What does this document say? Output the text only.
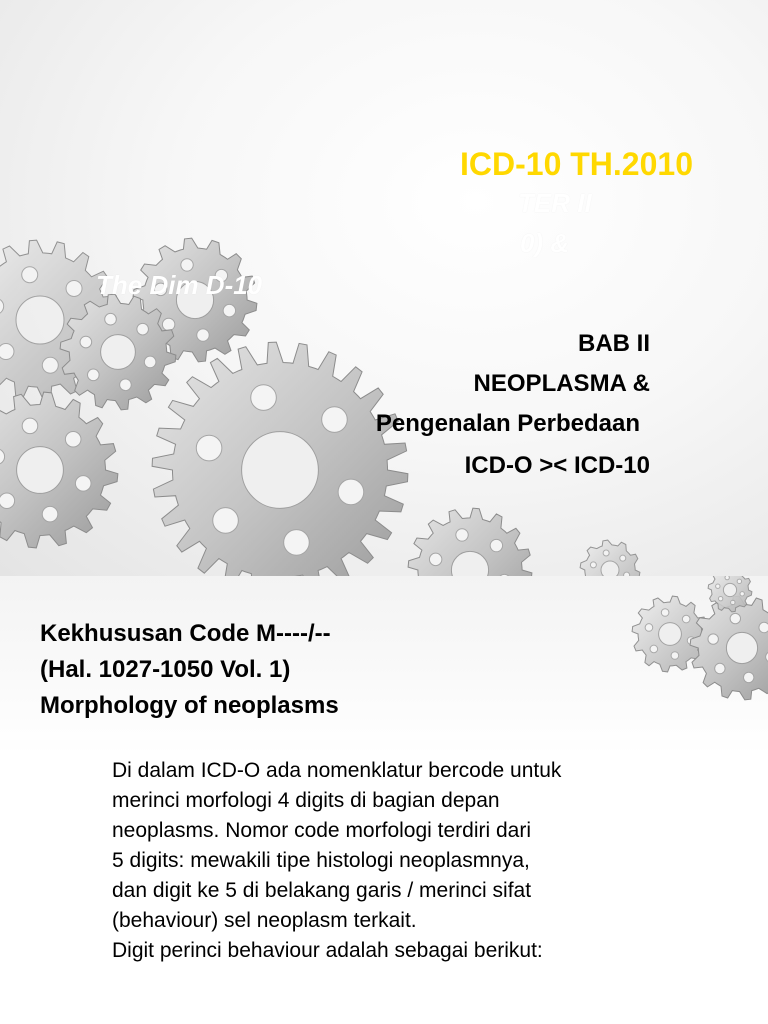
ICD-10 TH.2010
TER II
0) &
The Dim D-10

BAB II

NEOPLASMA &

Pengenalan Perbedaan

ICD-O >< ICD-10

Kekhususan Code M----/--
(Hal. 1027-1050 Vol. 1)
Morphology of neoplasms
Di dalam ICD-O ada nomenklatur bercode untuk
merinci morfologi 4 digits di bagian depan
neoplasms. Nomor code morfologi terdiri dari
5 digits: mewakili tipe histologi neoplasmnya,
dan digit ke 5 di belakang garis / merinci sifat
(behaviour) sel neoplasm terkait.
Digit perinci behaviour adalah sebagai berikut:
